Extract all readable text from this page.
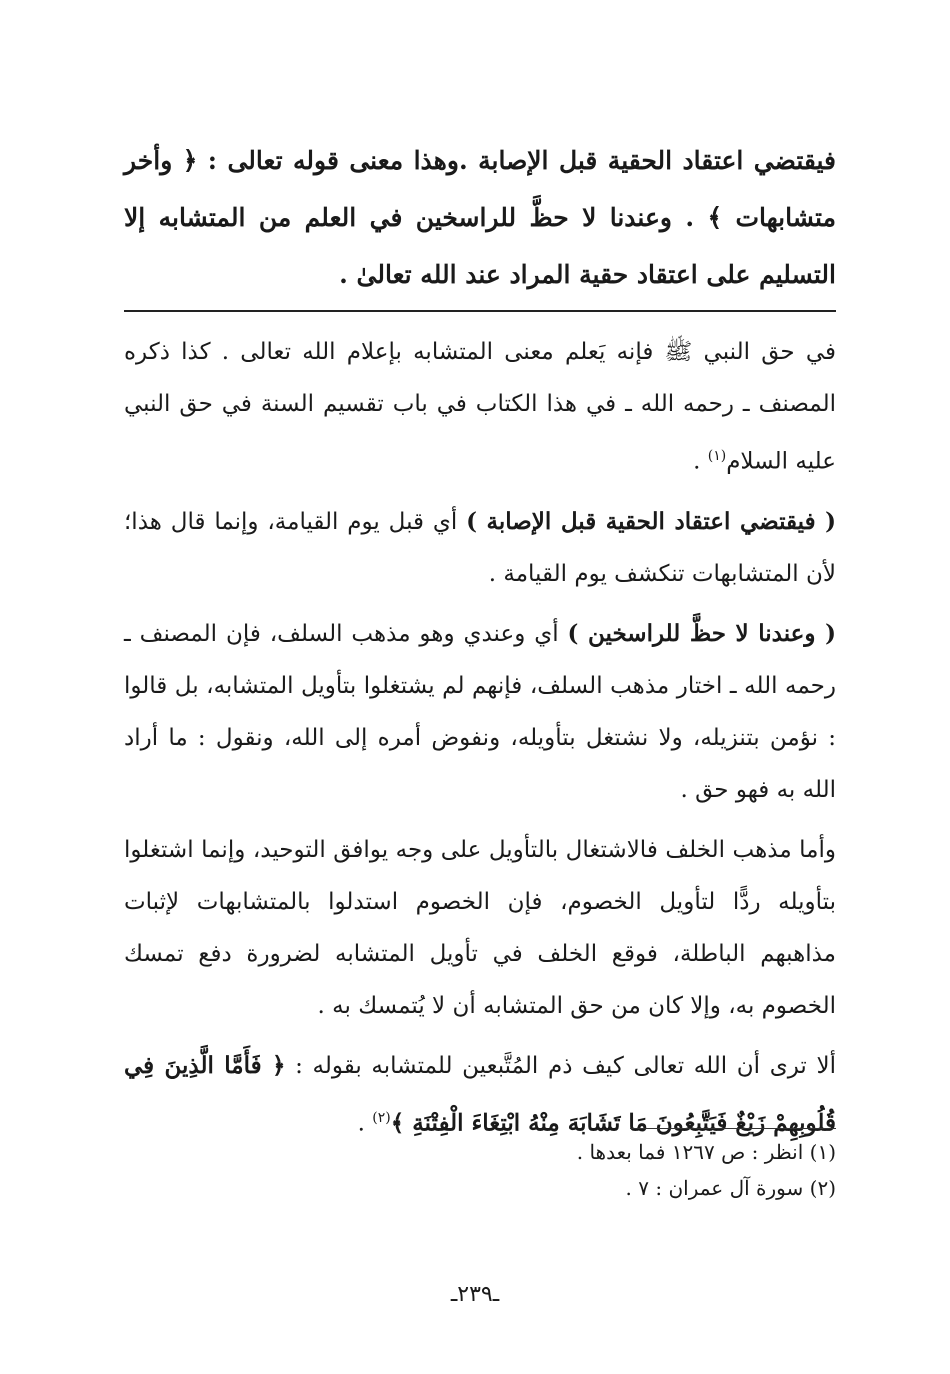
فيقتضي اعتقاد الحقية قبل الإصابة .وهذا معنى قوله تعالى : ﴿ وأخر متشابهات ﴾ . وعندنا لا حظَّ للراسخين في العلم من المتشابه إلا التسليم على اعتقاد حقية المراد عند الله تعالىٰ .

في حق النبي ﷺ فإنه يَعلم معنى المتشابه بإعلام الله تعالى . كذا ذكره المصنف ـ رحمه الله ـ في هذا الكتاب في باب تقسيم السنة في حق النبي عليه السلام$^{(١)}$ .

( فيقتضي اعتقاد الحقية قبل الإصابة ) أي قبل يوم القيامة، وإنما قال هذا؛ لأن المتشابهات تنكشف يوم القيامة .

( وعندنا لا حظَّ للراسخين ) أي وعندي وهو مذهب السلف، فإن المصنف ـ رحمه الله ـ اختار مذهب السلف، فإنهم لم يشتغلوا بتأويل المتشابه، بل قالوا : نؤمن بتنزيله، ولا نشتغل بتأويله، ونفوض أمره إلى الله، ونقول : ما أراد الله به فهو حق .

وأما مذهب الخلف فالاشتغال بالتأويل على وجه يوافق التوحيد، وإنما اشتغلوا بتأويله ردًّا لتأويل الخصوم، فإن الخصوم استدلوا بالمتشابهات لإثبات مذاهبهم الباطلة، فوقع الخلف في تأويل المتشابه لضرورة دفع تمسك الخصوم به، وإلا كان من حق المتشابه أن لا يُتمسك به .

ألا ترى أن الله تعالى كيف ذم المُتَّبعين للمتشابه بقوله : ﴿ فَأَمَّا الَّذِينَ فِي قُلُوبِهِمْ زَيْغٌ فَيَتَّبِعُونَ مَا تَشَابَهَ مِنْهُ ابْتِغَاءَ الْفِتْنَةِ ﴾$^{(٢)}$ .

(١) انظر : ص ١٢٦٧ فما بعدها .
(٢) سورة آل عمران : ٧ .
ـ٢٣٩ـ
